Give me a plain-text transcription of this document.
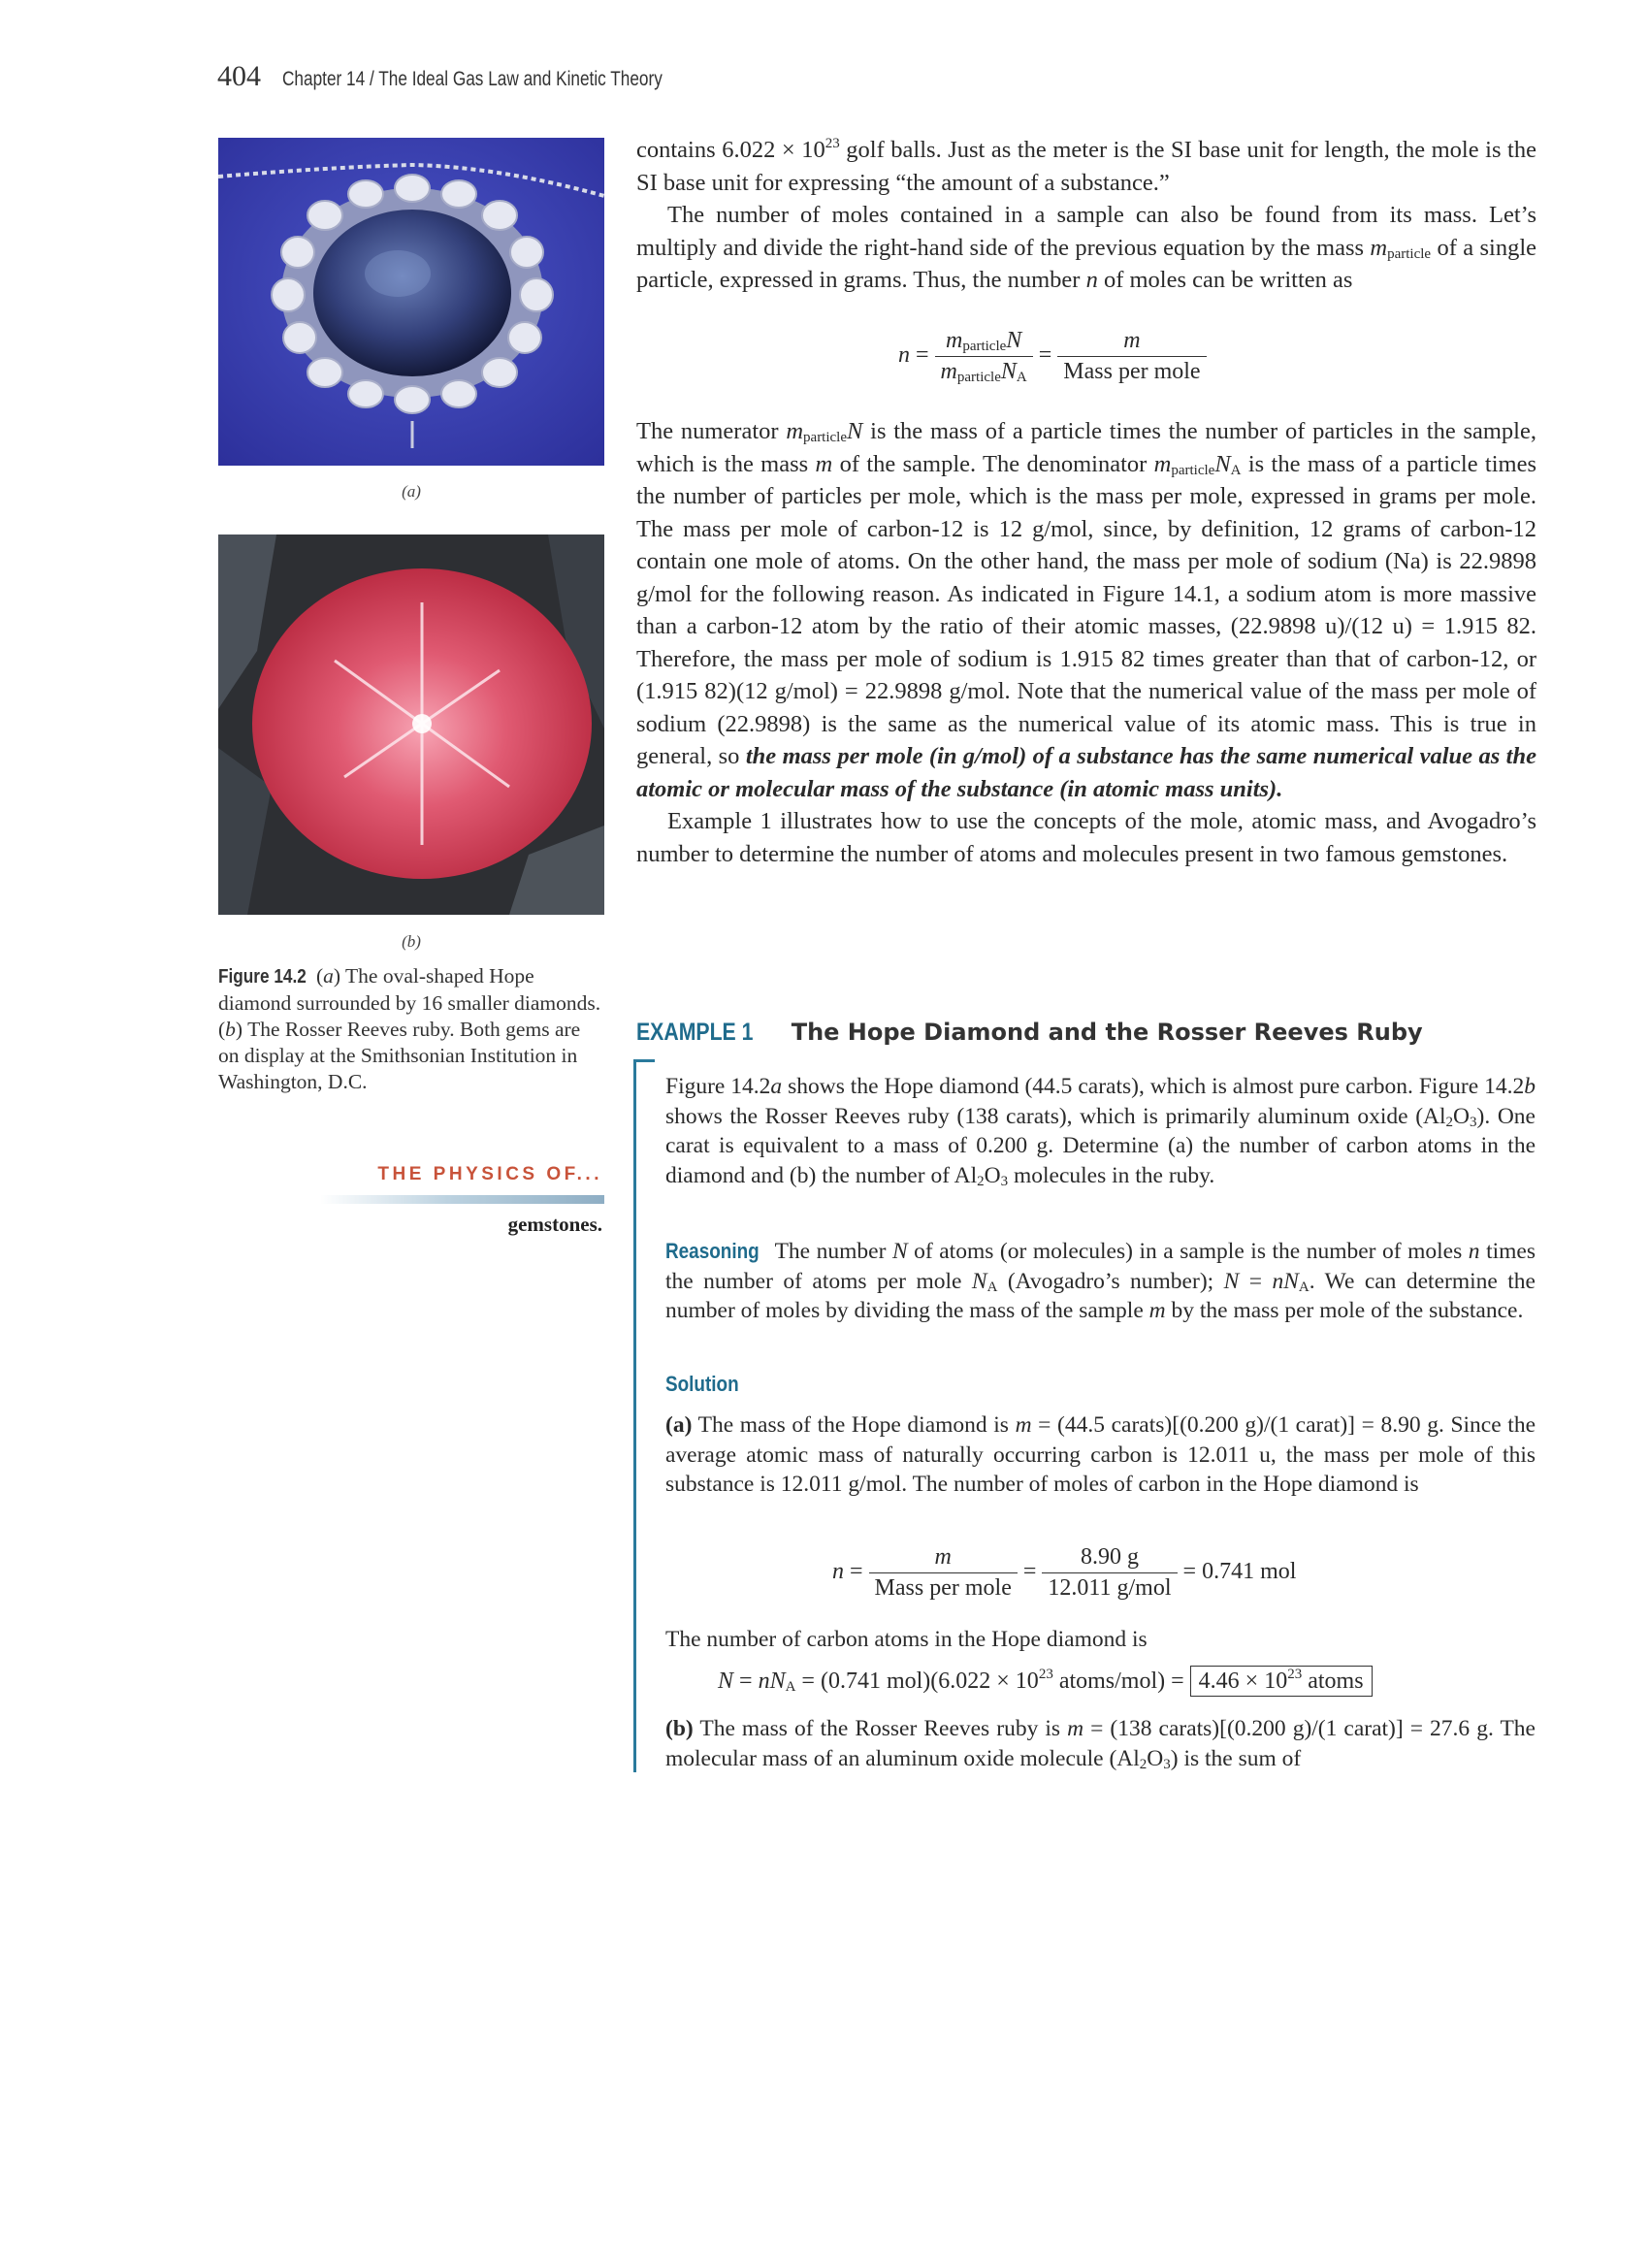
404 Chapter 14 / The Ideal Gas Law and Kinetic Theory
(a)
(b)
Figure 14.2 (a) The oval-shaped Hope diamond surrounded by 16 smaller diamonds. (b) The Rosser Reeves ruby. Both gems are on display at the Smithsonian Institution in Washington, D.C.
THE PHYSICS OF...
gemstones.

contains $6.022 \times 10^{23}$ golf balls. Just as the meter is the SI base unit for length, the mole is the SI base unit for expressing “the amount of a substance.”

The number of moles contained in a sample can also be found from its mass. Let’s multiply and divide the right-hand side of the previous equation by the mass $m_{particle}$ of a single particle, expressed in grams. Thus, the number n of moles can be written as

$n = \frac{m_{particle}N}{m_{particle}N_A} = \frac{m}{\text{Mass per mole}}$

The numerator $m_{particle}N$ is the mass of a particle times the number of particles in the sample, which is the mass m of the sample. The denominator $m_{particle}N_A$ is the mass of a particle times the number of particles per mole, which is the mass per mole, expressed in grams per mole. The mass per mole of carbon-12 is 12 g/mol, since, by definition, 12 grams of carbon-12 contain one mole of atoms. On the other hand, the mass per mole of sodium (Na) is 22.9898 g/mol for the following reason. As indicated in Figure 14.1, a sodium atom is more massive than a carbon-12 atom by the ratio of their atomic masses, (22.9898 u)/(12 u) = 1.915 82. Therefore, the mass per mole of sodium is 1.915 82 times greater than that of carbon-12, or (1.915 82)(12 g/mol) = 22.9898 g/mol. Note that the numerical value of the mass per mole of sodium (22.9898) is the same as the numerical value of its atomic mass. This is true in general, so the mass per mole (in g/mol) of a substance has the same numerical value as the atomic or molecular mass of the substance (in atomic mass units).

Example 1 illustrates how to use the concepts of the mole, atomic mass, and Avogadro’s number to determine the number of atoms and molecules present in two famous gemstones.

EXAMPLE 1 The Hope Diamond and the Rosser Reeves Ruby

Figure 14.2a shows the Hope diamond (44.5 carats), which is almost pure carbon. Figure 14.2b shows the Rosser Reeves ruby (138 carats), which is primarily aluminum oxide $(Al_2O_3)$. One carat is equivalent to a mass of 0.200 g. Determine (a) the number of carbon atoms in the diamond and (b) the number of $Al_2O_3$ molecules in the ruby.

Reasoning The number N of atoms (or molecules) in a sample is the number of moles n times the number of atoms per mole $N_A$ (Avogadro’s number); $N = nN_A$. We can determine the number of moles by dividing the mass of the sample m by the mass per mole of the substance.

Solution

(a) The mass of the Hope diamond is m = (44.5 carats)[(0.200 g)/(1 carat)] = 8.90 g. Since the average atomic mass of naturally occurring carbon is 12.011 u, the mass per mole of this substance is 12.011 g/mol. The number of moles of carbon in the Hope diamond is

$n = \frac{m}{\text{Mass per mole}} = \frac{8.90 g}{\text{12.011 g/mol}} = 0.741$ mol

The number of carbon atoms in the Hope diamond is

$N = nN_A = (0.741$ $mol)(6.022 \times 10^{23}$ atoms/mol) = $4.46 \times 10^{23}$ atoms

(b) The mass of the Rosser Reeves ruby is m = (138 carats)[(0.200 g)/(1 carat)] = 27.6 g. The molecular mass of an aluminum oxide molecule $(Al_2O_3)$ is the sum of
